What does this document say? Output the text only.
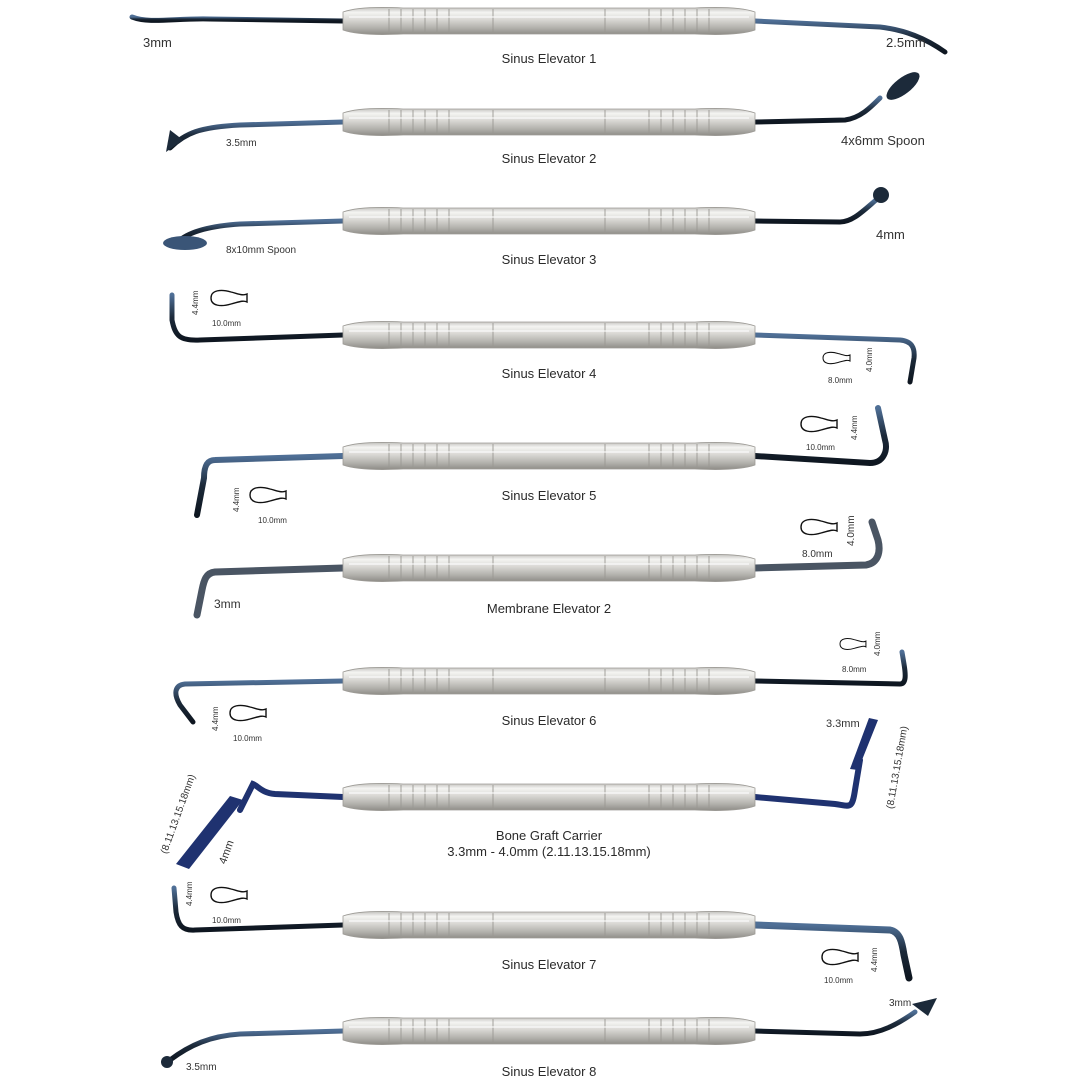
3mm	2.5mm
Sinus Elevator 1
3.5mm	4x6mm Spoon
Sinus Elevator 2
8x10mm Spoon
4mm
Sinus Elevator 3
4.4mm
10.0mm
4.0mm
8.0mm
Sinus Elevator 4
4.4mm
10.0mm
4.4mm
10.0mm
Sinus Elevator 5
3mm
4.0mm
8.0mm
Membrane Elevator 2
4.4mm
10.0mm
4.0mm
8.0mm
Sinus Elevator 6
(8.11.13.15.18mm) 4mm
3.3mm
(8.11.13.15.18mm)
Bone Graft Carrier
3.3mm - 4.0mm (2.11.13.15.18mm)
4.4mm
10.0mm
4.4mm
10.0mm
Sinus Elevator 7
3.5mm
3mm
Sinus Elevator 8
